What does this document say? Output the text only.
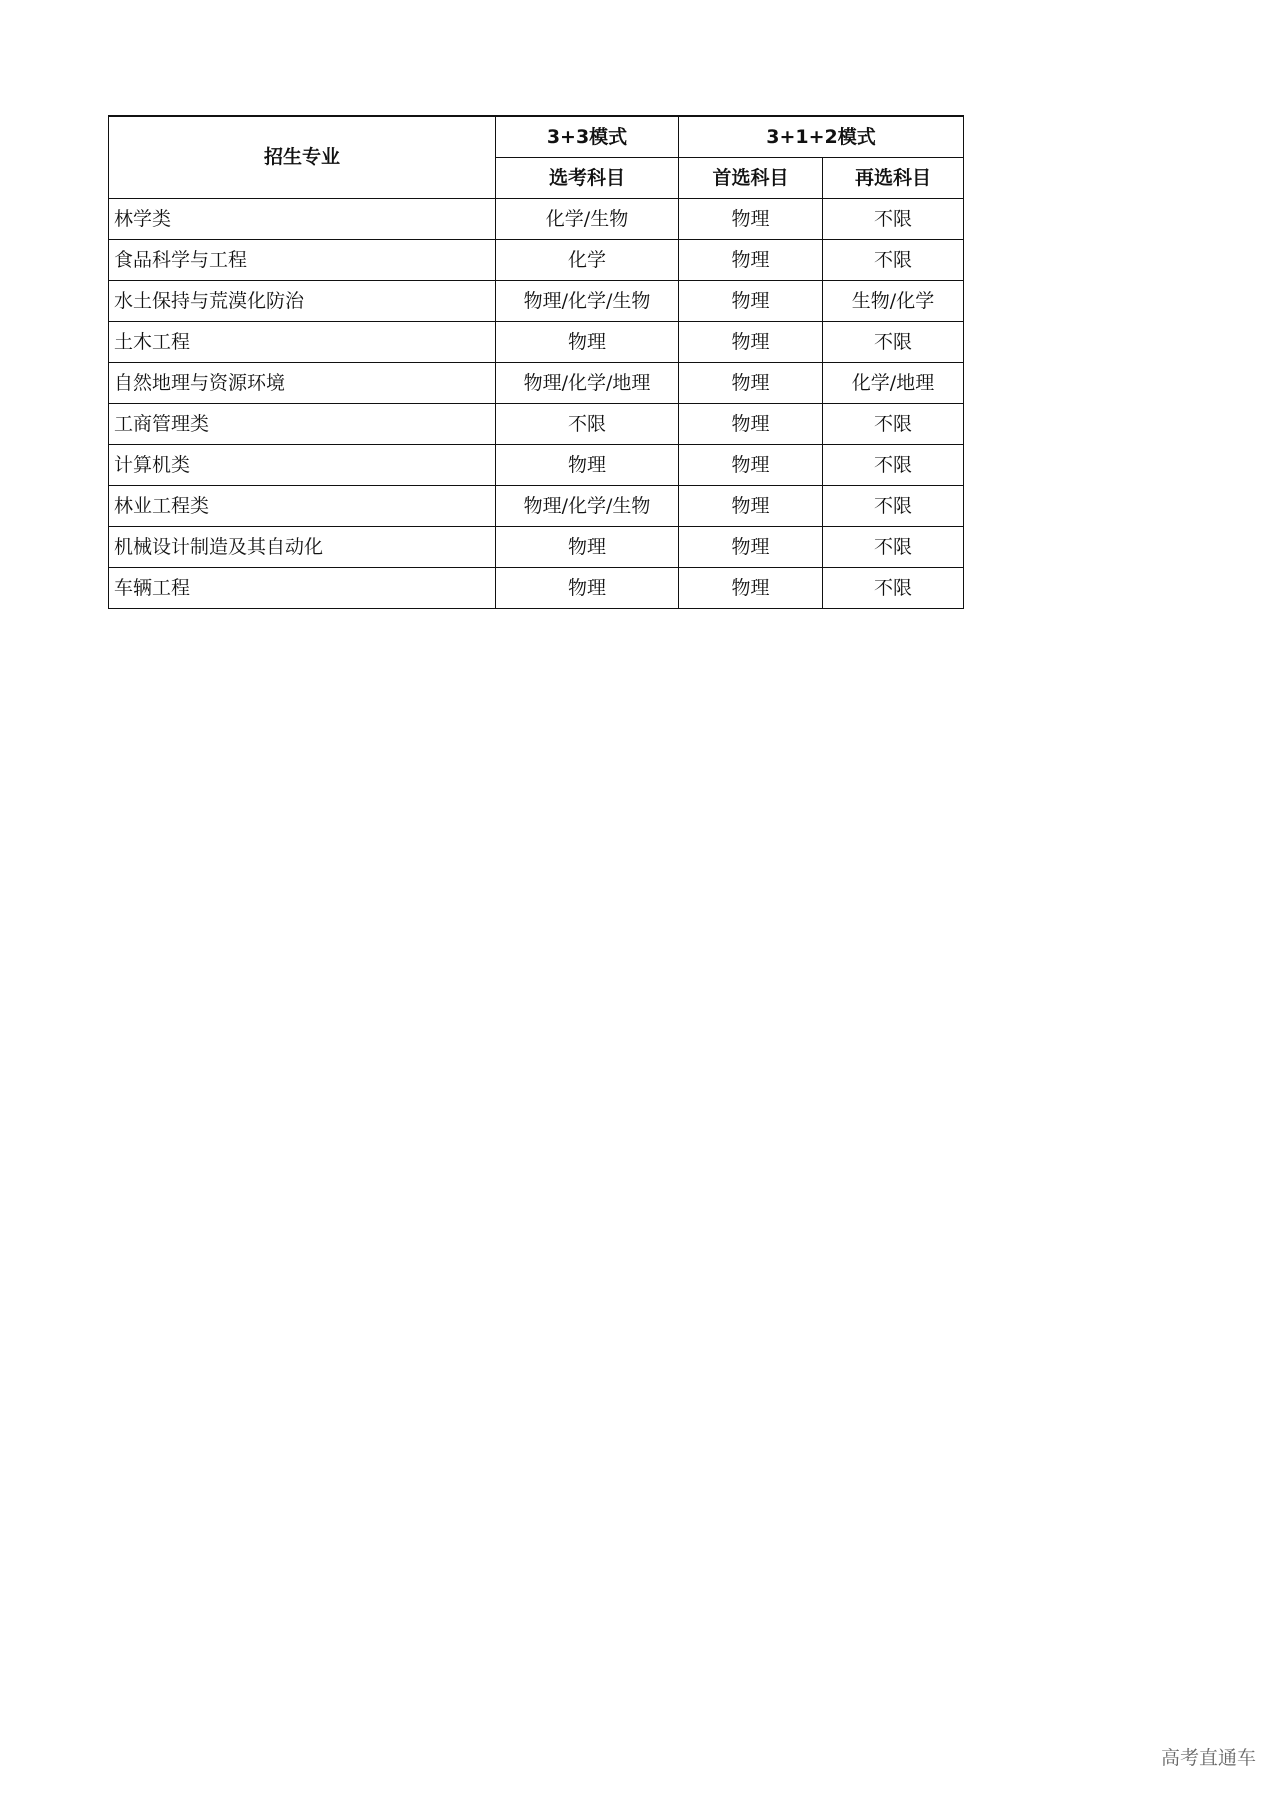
招生专业	3+3模式	3+1+2模式	
	选考科目	首选科目	再选科目
林学类	化学/生物	物理	不限
食品科学与工程	化学	物理	不限
水土保持与荒漠化防治	物理/化学/生物	物理	生物/化学
土木工程	物理	物理	不限
自然地理与资源环境	物理/化学/地理	物理	化学/地理
工商管理类	不限	物理	不限
计算机类	物理	物理	不限
林业工程类	物理/化学/生物	物理	不限
机械设计制造及其自动化	物理	物理	不限
车辆工程	物理	物理	不限
高考直通车
